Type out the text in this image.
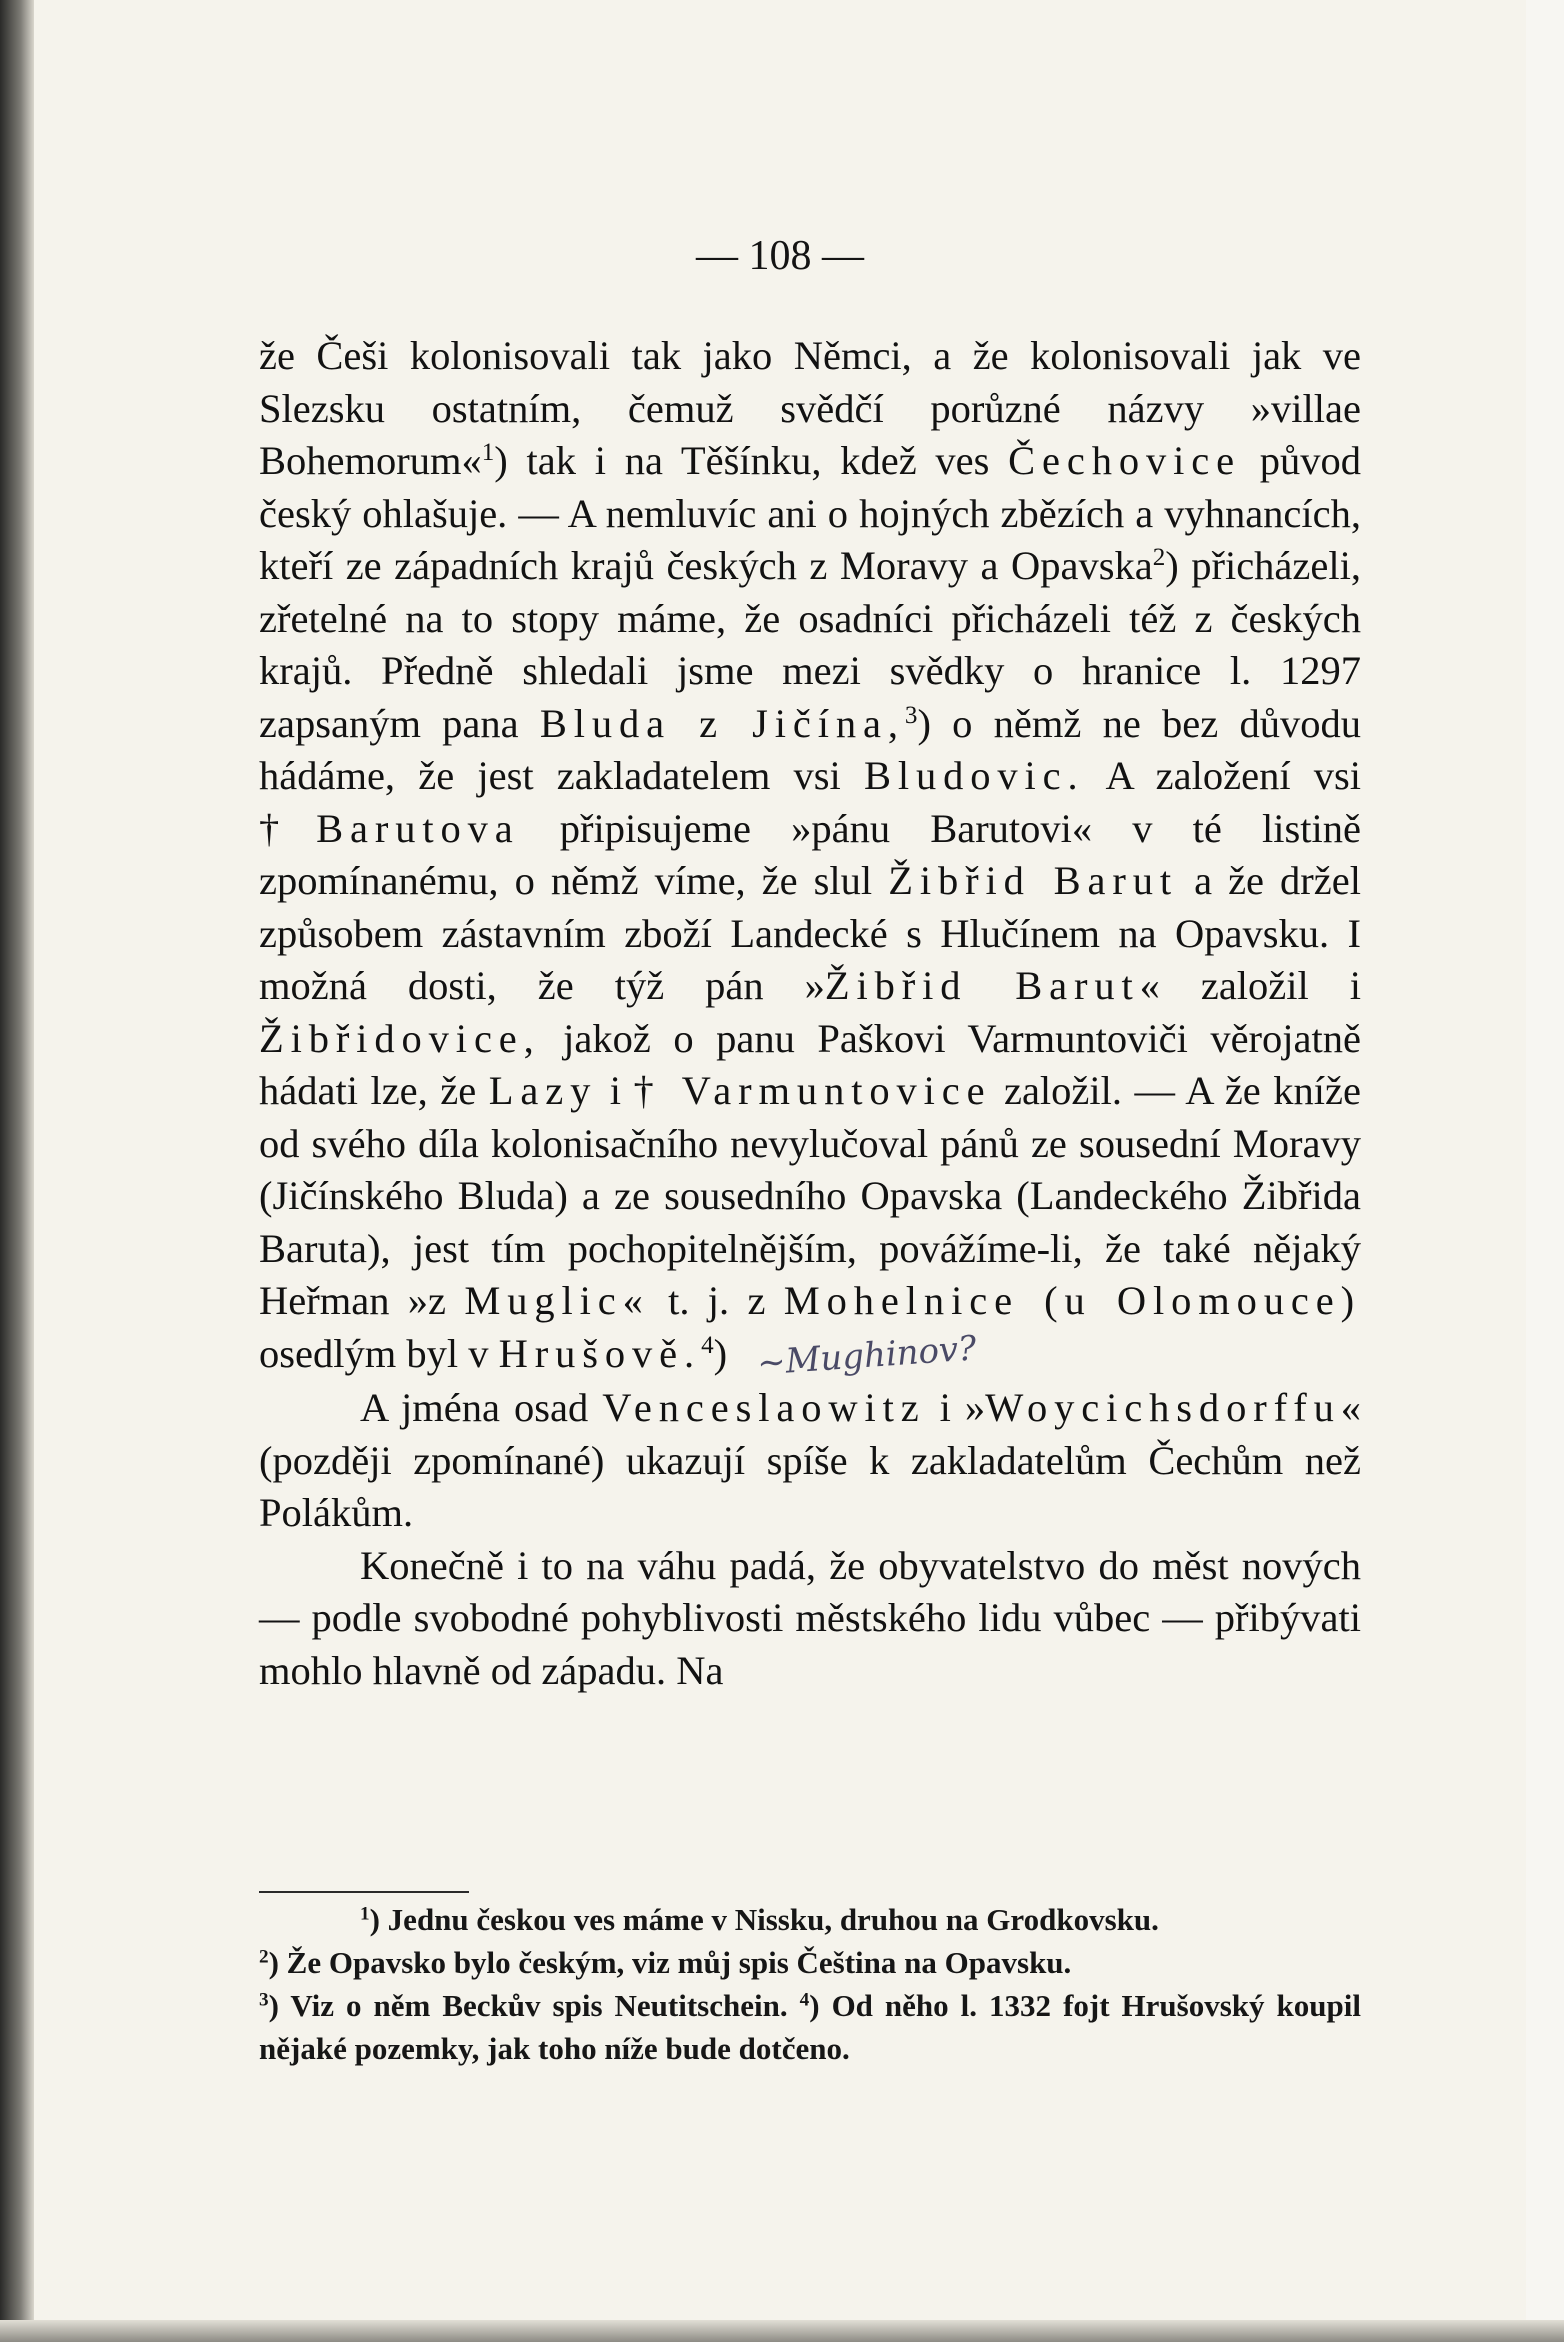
— 108 —

že Češi kolonisovali tak jako Němci, a že kolonisovali jak ve Slezsku ostatním, čemuž svědčí porůzné názvy »villae Bohemorum«$^1$) tak i na Těšínku, kdež ves Čechovice původ český ohlašuje. — A nemluvíc ani o hojných zbězích a vyhnancích, kteří ze západních krajů českých z Moravy a Opavska$^2$) přicházeli, zřetelné na to stopy máme, že osadníci přicházeli též z českých krajů. Předně shledali jsme mezi svědky o hranice l. 1297 zapsaným pana Bluda z Jičína,$^3$) o němž ne bez důvodu hádáme, že jest zakladatelem vsi Bludovic. A založení vsi †Barutova připisujeme »pánu Barutovi« v té listině zpomínanému, o němž víme, že slul Žibřid Barut a že držel způsobem zástavním zboží Landecké s Hlučínem na Opavsku. I možná dosti, že týž pán »Žibřid Barut« založil i Žibřidovice, jakož o panu Paškovi Varmuntoviči věrojatně hádati lze, že Lazy i † Varmuntovice založil. — A že kníže od svého díla kolonisačního nevylučoval pánů ze sousední Moravy (Jičínského Bluda) a ze sousedního Opavska (Landeckého Žibřida Baruta), jest tím pochopitelnějším, povážíme-li, že také nějaký Heřman »z Muglic« t. j. z Mohelnice (u Olomouce) osedlým byl v Hrušově.$^4$) ~Mughinov?

A jména osad Venceslaowitz i »Woycichsdorffu« (později zpomínané) ukazují spíše k zakladatelům Čechům než Polákům.

Konečně i to na váhu padá, že obyvatelstvo do měst nových — podle svobodné pohyblivosti městského lidu vůbec — přibývati mohlo hlavně od západu. Na

$^1$) Jednu českou ves máme v Nissku, druhou na Grodkovsku.

$^2$) Že Opavsko bylo českým, viz můj spis Čeština na Opavsku.

$^3$) Viz o něm Beckův spis Neutitschein. $^4$) Od něho l. 1332 fojt Hrušovský koupil nějaké pozemky, jak toho níže bude dotčeno.
